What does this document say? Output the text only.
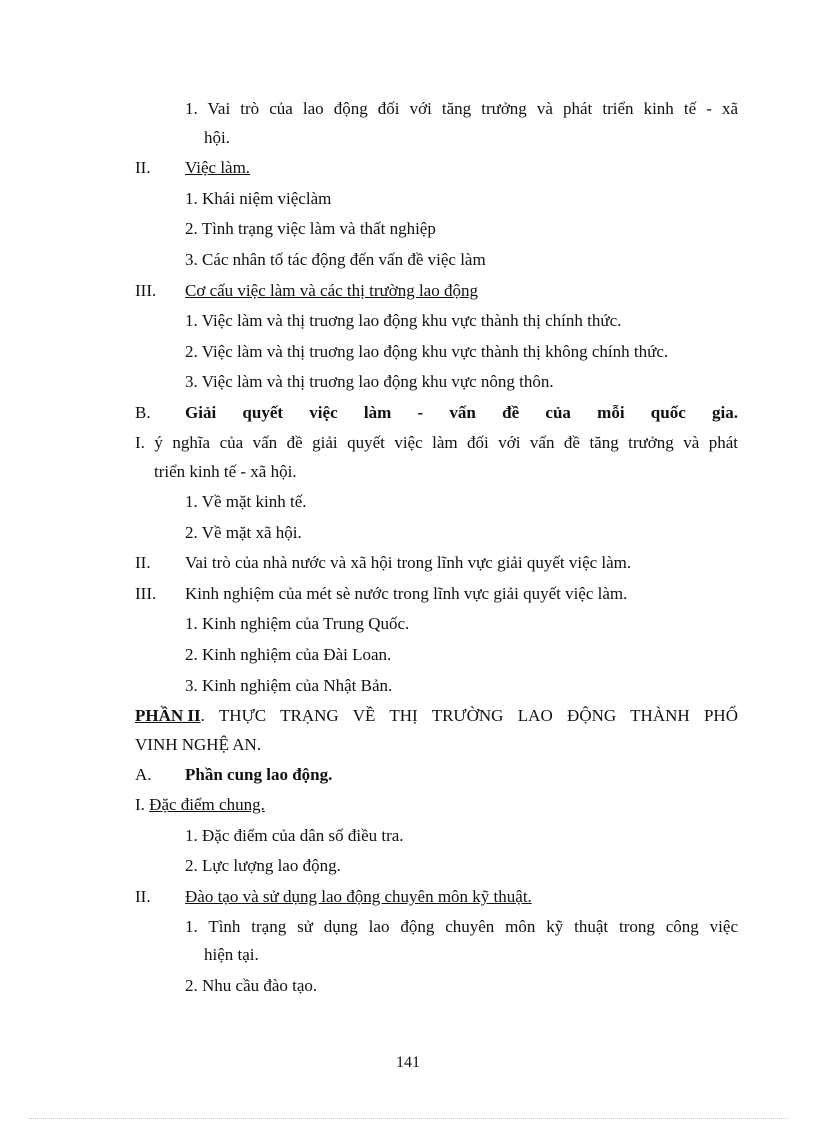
1. Vai trò của lao động đối với tăng trưởng và phát triển kinh tế - xã
hội.
II. Việc làm.
1. Khái niệm việclàm
2. Tình trạng việc làm và thất nghiệp
3. Các nhân tố tác động đến vấn đề việc làm
III. Cơ cấu việc làm và các thị trường lao động
1. Việc làm và thị truơng lao động khu vực thành thị chính thức.
2. Việc làm và thị truơng lao động khu vực thành thị không chính thức.
3. Việc làm và thị truơng lao động khu vực nông thôn.
B. Giải quyết việc làm - vấn đề của mỗi quốc gia.
I. ý nghĩa của vấn đề giải quyết việc làm đối với vấn đề tăng trưởng và phát
triển kinh tế - xã hội.
1. Về mặt kinh tế.
2. Về mặt xã hội.
II. Vai trò của nhà nước và xã hội trong lĩnh vực giải quyết việc làm.
III. Kinh nghiệm của mét sè nước trong lĩnh vực giải quyết việc làm.
1. Kinh nghiệm của Trung Quốc.
2. Kinh nghiệm của Đài Loan.
3. Kinh nghiệm của Nhật Bản.
PHẦN II . THỰC TRẠNG VỀ THỊ TRƯỜNG LAO ĐỘNG THÀNH PHỐ
VINH NGHỆ AN.
A. Phần cung lao động.
I. Đặc điểm chung.
1. Đặc điểm của dân số điều tra.
2. Lực lượng lao động.
II. Đào tạo và sử dụng lao động chuyên môn kỹ thuật.
1. Tình trạng sử dụng lao động chuyên môn kỹ thuật trong công việc
hiện tại.
2. Nhu cầu đào tạo.
141
